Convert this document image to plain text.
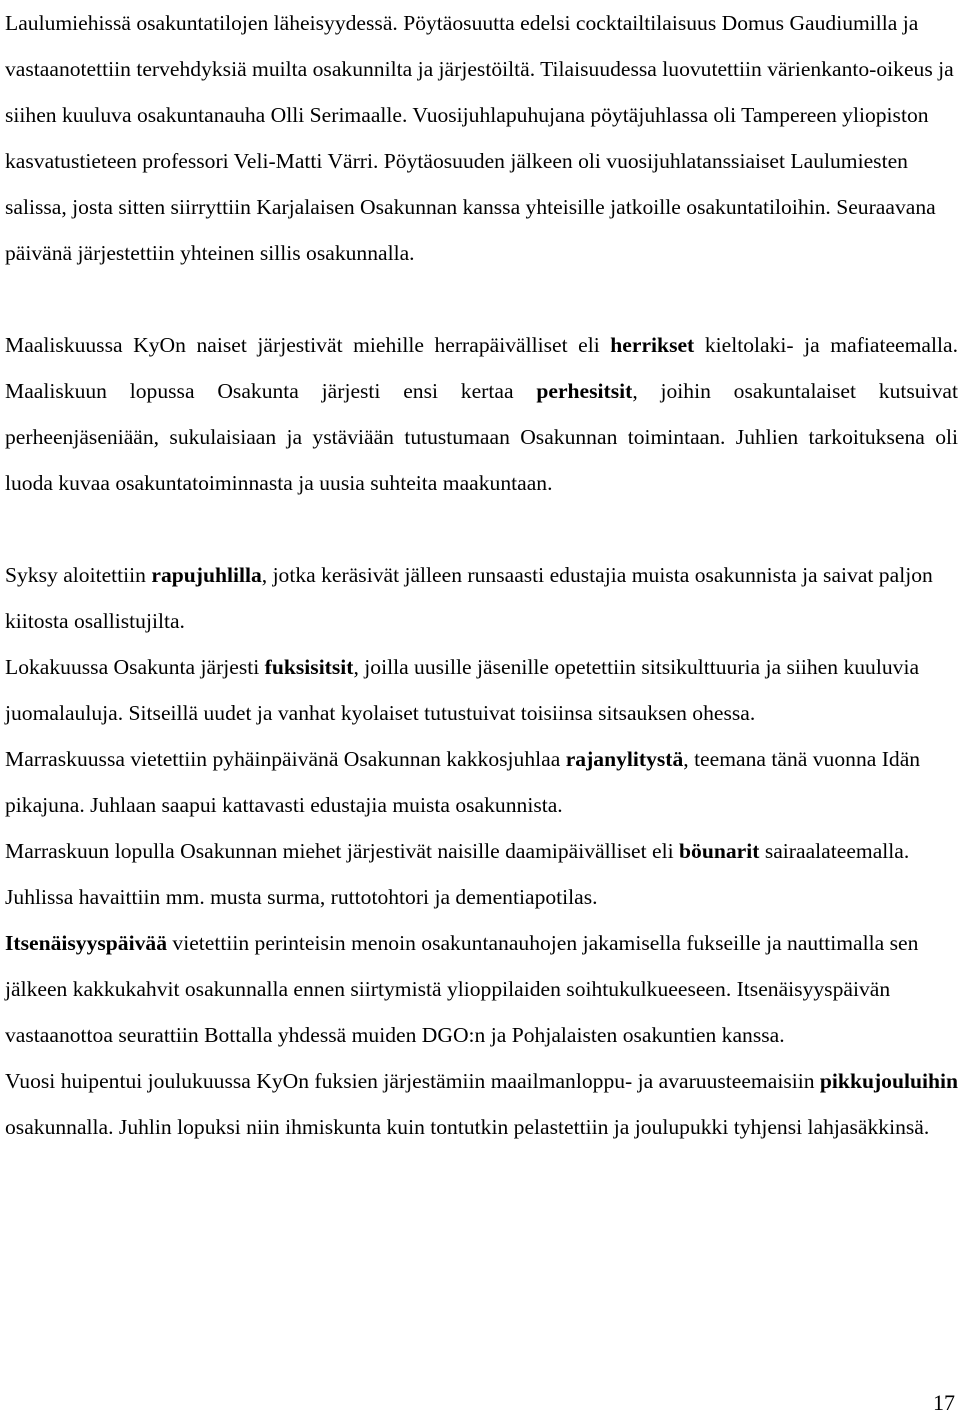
Laulumiehissä osakuntatilojen läheisyydessä. Pöytäosuutta edelsi cocktailtilaisuus Domus Gaudiumilla ja vastaanotettiin tervehdyksiä muilta osakunnilta ja järjestöiltä. Tilaisuudessa luovutettiin värienkanto-oikeus ja siihen kuuluva osakuntanauha Olli Serimaalle. Vuosijuhlapuhujana pöytäjuhlassa oli Tampereen yliopiston kasvatustieteen professori Veli-Matti Värri. Pöytäosuuden jälkeen oli vuosijuhlatanssiaiset Laulumiesten salissa, josta sitten siirryttiin Karjalaisen Osakunnan kanssa yhteisille jatkoille osakuntatiloihin. Seuraavana päivänä järjestettiin yhteinen sillis osakunnalla.

Maaliskuussa KyOn naiset järjestivät miehille herrapäivälliset eli herrikset kieltolaki- ja mafiateemalla. Maaliskuun lopussa Osakunta järjesti ensi kertaa perhesitsit, joihin osakuntalaiset kutsuivat perheenjäseniään, sukulaisiaan ja ystäviään tutustumaan Osakunnan toimintaan. Juhlien tarkoituksena oli luoda kuvaa osakuntatoiminnasta ja uusia suhteita maakuntaan.

Syksy aloitettiin rapujuhlilla, jotka keräsivät jälleen runsaasti edustajia muista osakunnista ja saivat paljon kiitosta osallistujilta.

Lokakuussa Osakunta järjesti fuksisitsit, joilla uusille jäsenille opetettiin sitsikulttuuria ja siihen kuuluvia juomalauluja. Sitseillä uudet ja vanhat kyolaiset tutustuivat toisiinsa sitsauksen ohessa.

Marraskuussa vietettiin pyhäinpäivänä Osakunnan kakkosjuhlaa rajanylitystä, teemana tänä vuonna Idän pikajuna. Juhlaan saapui kattavasti edustajia muista osakunnista.

Marraskuun lopulla Osakunnan miehet järjestivät naisille daamipäivälliset eli böunarit sairaalateemalla. Juhlissa havaittiin mm. musta surma, ruttotohtori ja dementiapotilas.

Itsenäisyyspäivää vietettiin perinteisin menoin osakuntanauhojen jakamisella fukseille ja nauttimalla sen jälkeen kakkukahvit osakunnalla ennen siirtymistä ylioppilaiden soihtukulkueeseen. Itsenäisyyspäivän vastaanottoa seurattiin Bottalla yhdessä muiden DGO:n ja Pohjalaisten osakuntien kanssa.

Vuosi huipentui joulukuussa KyOn fuksien järjestämiin maailmanloppu- ja avaruusteemaisiin pikkujouluihin osakunnalla. Juhlin lopuksi niin ihmiskunta kuin tontutkin pelastettiin ja joulupukki tyhjensi lahjasäkkinsä.

17
